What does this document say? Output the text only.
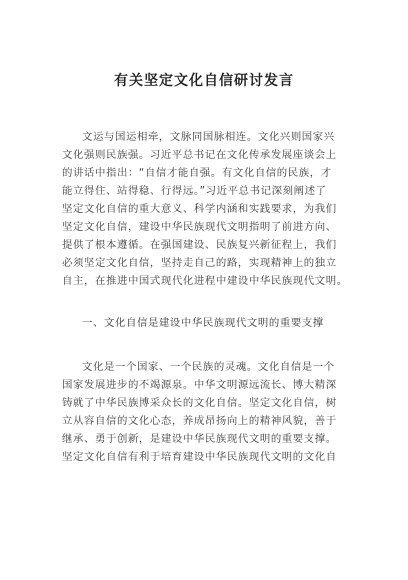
有关坚定文化自信研讨发言
文运与国运相牵，文脉同国脉相连。文化兴则国家兴
文化强则民族强。习近平总书记在文化传承发展座谈会上
的讲话中指出：“自信才能自强。有文化自信的民族，才
能立得住、站得稳、行得远。”习近平总书记深刻阐述了
坚定文化自信的重大意义、科学内涵和实践要求，为我们
坚定文化自信，建设中华民族现代文明指明了前进方向、
提供了根本遵循。在强国建设、民族复兴新征程上，我们
必须坚定文化自信，坚持走自己的路，实现精神上的独立
自主，在推进中国式现代化进程中建设中华民族现代文明。
一、文化自信是建设中华民族现代文明的重要支撑
文化是一个国家、一个民族的灵魂。文化自信是一个
国家发展进步的不竭源泉。中华文明源远流长、博大精深
铸就了中华民族博采众长的文化自信。坚定文化自信，树
立从容自信的文化心态，养成昂扬向上的精神风貌，善于
继承、勇于创新，是建设中华民族现代文明的重要支撑。
坚定文化自信有利于培育建设中华民族现代文明的文化自
